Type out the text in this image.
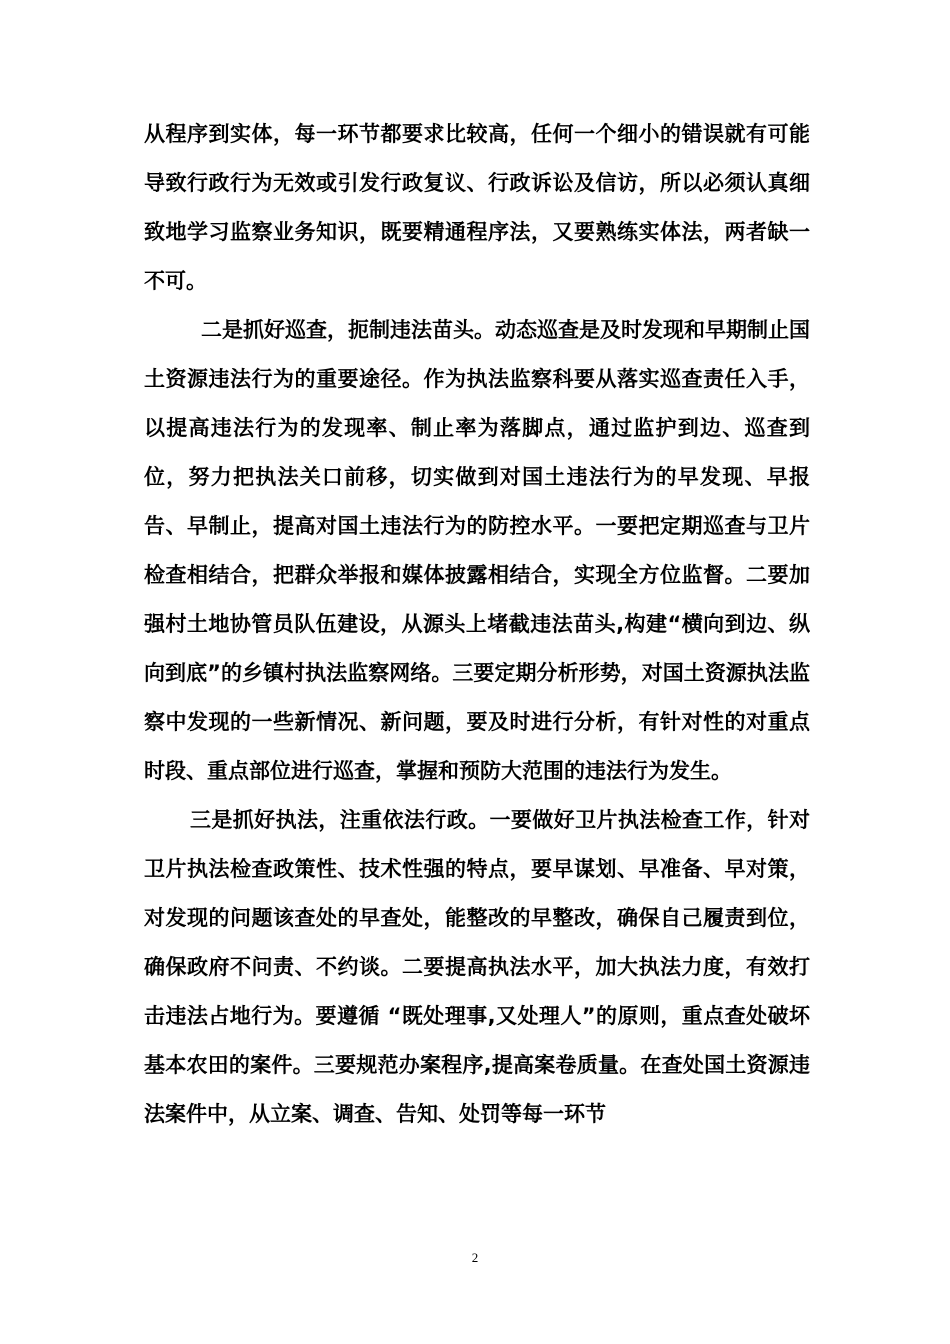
从程序到实体，每一环节都要求比较高，任何一个细小的错误就有可能导致行政行为无效或引发行政复议、行政诉讼及信访，所以必须认真细致地学习监察业务知识，既要精通程序法，又要熟练实体法，两者缺一不可。

二是抓好巡查，扼制违法苗头。动态巡查是及时发现和早期制止国土资源违法行为的重要途径。作为执法监察科要从落实巡查责任入手，以提高违法行为的发现率、制止率为落脚点，通过监护到边、巡查到位，努力把执法关口前移，切实做到对国土违法行为的早发现、早报告、早制止，提高对国土违法行为的防控水平。一要把定期巡查与卫片检查相结合，把群众举报和媒体披露相结合，实现全方位监督。二要加强村土地协管员队伍建设，从源头上堵截违法苗头,构建“横向到边、纵向到底”的乡镇村执法监察网络。三要定期分析形势，对国土资源执法监察中发现的一些新情况、新问题，要及时进行分析，有针对性的对重点时段、重点部位进行巡查，掌握和预防大范围的违法行为发生。

三是抓好执法，注重依法行政。一要做好卫片执法检查工作，针对卫片执法检查政策性、技术性强的特点，要早谋划、早准备、早对策，对发现的问题该查处的早查处，能整改的早整改，确保自己履责到位，确保政府不问责、不约谈。二要提高执法水平，加大执法力度，有效打击违法占地行为。要遵循 “既处理事,又处理人”的原则，重点查处破坏基本农田的案件。三要规范办案程序,提高案卷质量。在查处国土资源违法案件中，从立案、调查、告知、处罚等每一环节

2
